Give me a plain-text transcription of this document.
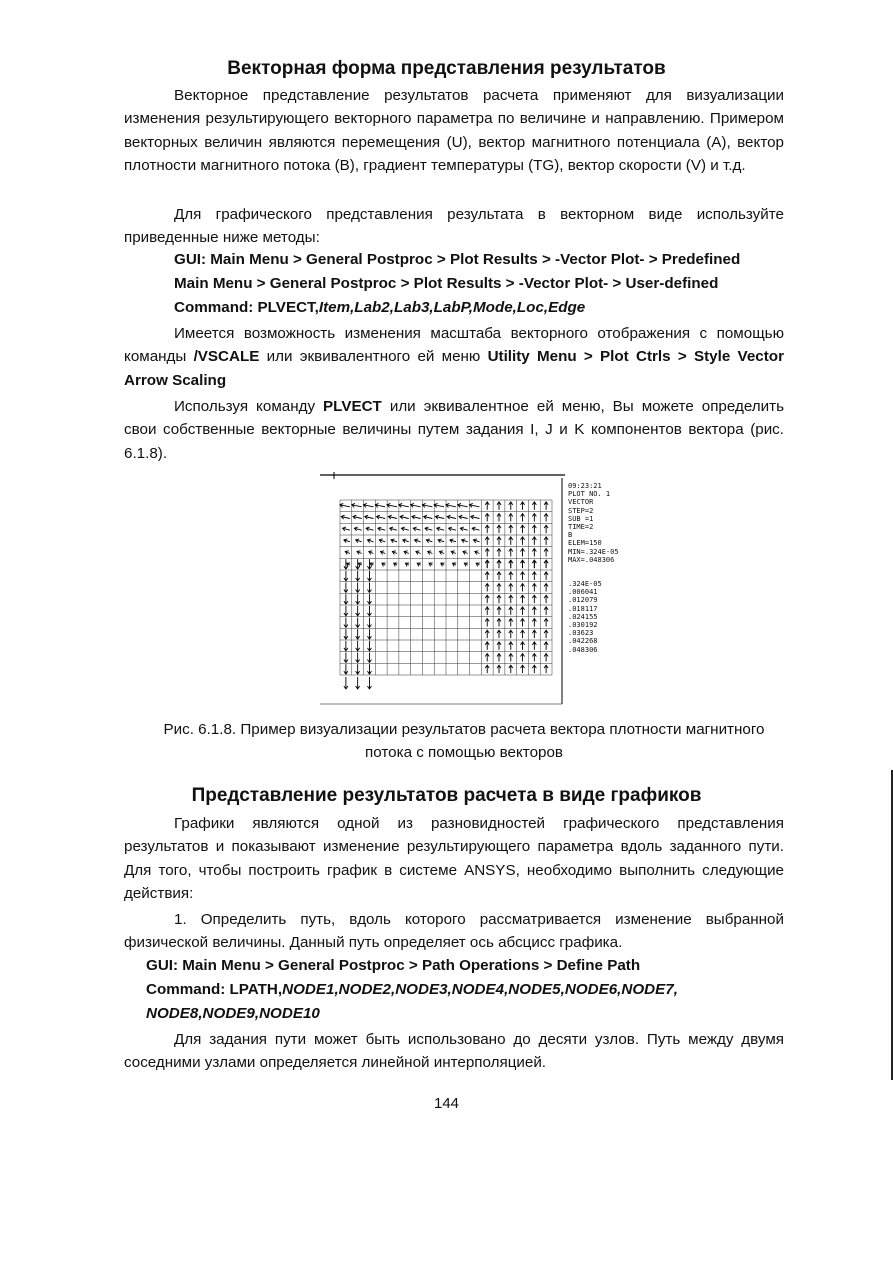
Векторная форма представления результатов
Векторное представление результатов расчета применяют для визуализации изменения результирующего векторного параметра по величине и направлению. Примером векторных величин являются перемещения (U), вектор магнитного потенциала (А), вектор плотности магнитного потока (В), градиент температуры (TG), вектор скорости (V) и т.д.
Для графического представления результата в векторном виде используйте приведенные ниже методы:
GUI: Main Menu > General Postproc > Plot Results > -Vector Plot- > Predefined
Main Menu > General Postproc > Plot Results > -Vector Plot- > User-defined
Command: PLVECT,Item,Lab2,Lab3,LabP,Mode,Loc,Edge
Имеется возможность изменения масштаба векторного отображения с помощью команды /VSCALE или эквивалентного ей меню Utility Menu > Plot Ctrls > Style Vector Arrow Scaling
Используя команду PLVECT или эквивалентное ей меню, Вы можете определить свои собственные векторные величины путем задания I, J и K компонентов вектора (рис. 6.1.8).
09:23:21
PLOT NO. 1
VECTOR
STEP=2
SUB =1
TIME=2
B
ELEM=150
MIN=.324E-05
MAX=.048306
.324E-05
.006041
.012079
.018117
.024155
.030192
.03623
.042268
.048306
Рис. 6.1.8. Пример визуализации результатов расчета вектора плотности магнитного
потока с помощью векторов
Представление результатов расчета в виде графиков
Графики являются одной из разновидностей графического представления результатов и показывают изменение результирующего параметра вдоль заданного пути. Для того, чтобы построить график в системе ANSYS, необходимо выполнить следующие действия:
1. Определить путь, вдоль которого рассматривается изменение выбранной физической величины. Данный путь определяет ось абсцисс графика.
GUI: Main Menu > General Postproc > Path Operations > Define Path
Command: LPATH,NODE1,NODE2,NODE3,NODE4,NODE5,NODE6,NODE7,
NODE8,NODE9,NODE10
Для задания пути может быть использовано до десяти узлов. Путь между двумя соседними узлами определяется линейной интерполяцией.
144
